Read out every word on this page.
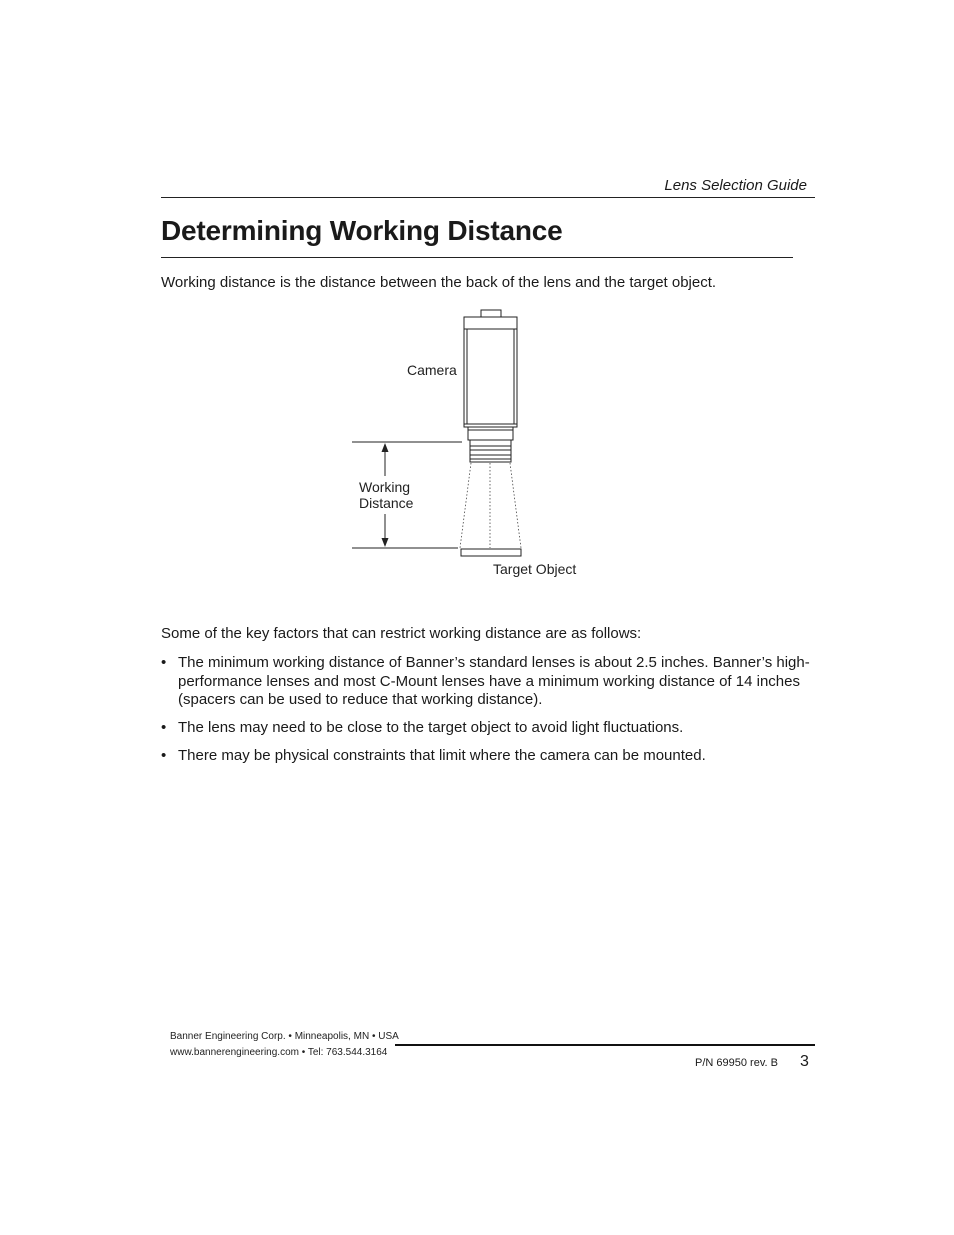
Lens Selection Guide
Determining Working Distance

Working distance is the distance between the back of the lens and the target object.

Camera
Working
Distance
Target Object

Some of the key factors that can restrict working distance are as follows:

• The minimum working distance of Banner’s standard lenses is about 2.5 inches. Banner’s high-performance lenses and most C-Mount lenses have a minimum working distance of 14 inches (spacers can be used to reduce that working distance).
• The lens may need to be close to the target object to avoid light fluctuations.
• There may be physical constraints that limit where the camera can be mounted.
Banner Engineering Corp. • Minneapolis, MN • USA
www.bannerengineering.com • Tel: 763.544.3164
P/N 69950 rev. B 3
